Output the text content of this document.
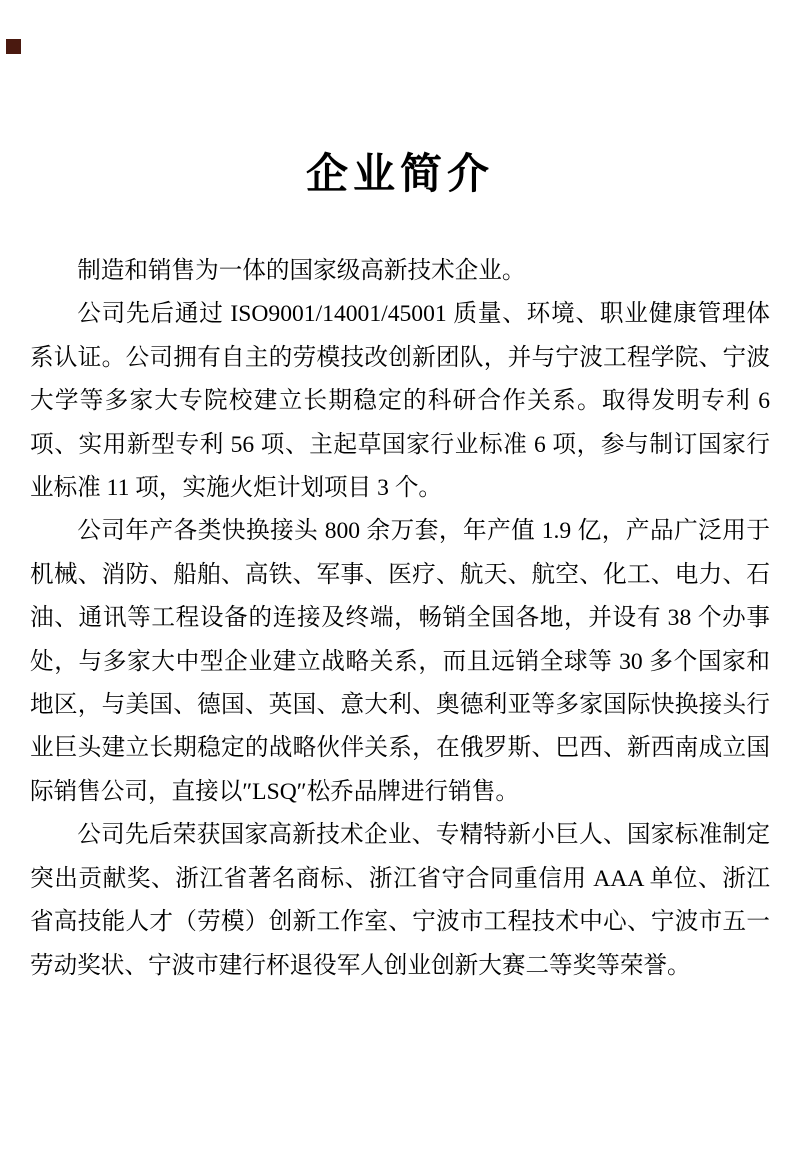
企业简介

制造和销售为一体的国家级高新技术企业。

公司先后通过 ISO9001/14001/45001 质量、环境、职业健康管理体系认证。公司拥有自主的劳模技改创新团队，并与宁波工程学院、宁波大学等多家大专院校建立长期稳定的科研合作关系。取得发明专利 6 项、实用新型专利 56 项、主起草国家行业标准 6 项，参与制订国家行业标准 11 项，实施火炬计划项目 3 个。

公司年产各类快换接头 800 余万套，年产值 1.9 亿，产品广泛用于机械、消防、船舶、高铁、军事、医疗、航天、航空、化工、电力、石油、通讯等工程设备的连接及终端，畅销全国各地，并设有 38 个办事处，与多家大中型企业建立战略关系，而且远销全球等 30 多个国家和地区，与美国、德国、英国、意大利、奥德利亚等多家国际快换接头行业巨头建立长期稳定的战略伙伴关系，在俄罗斯、巴西、新西南成立国际销售公司，直接以″LSQ″松乔品牌进行销售。

公司先后荣获国家高新技术企业、专精特新小巨人、国家标准制定突出贡献奖、浙江省著名商标、浙江省守合同重信用 AAA 单位、浙江省高技能人才（劳模）创新工作室、宁波市工程技术中心、宁波市五一劳动奖状、宁波市建行杯退役军人创业创新大赛二等奖等荣誉。
